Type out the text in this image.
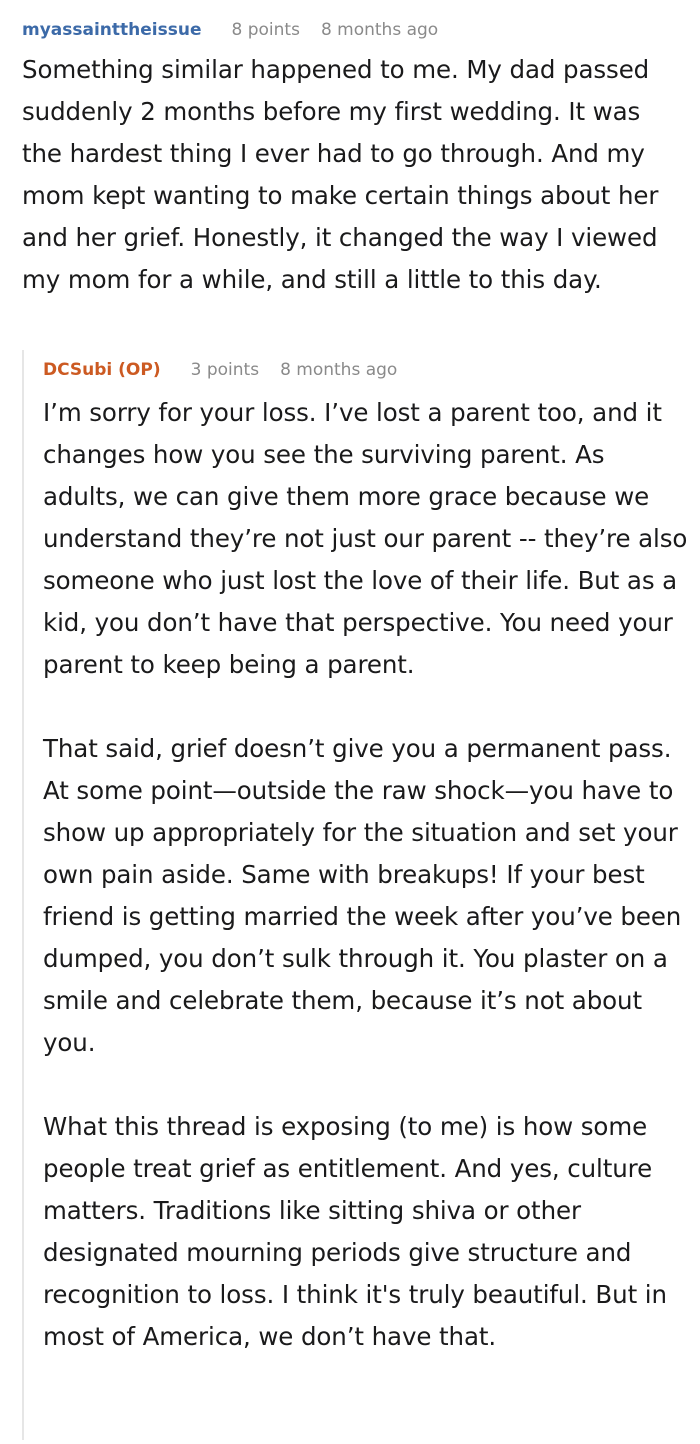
myassainttheissue 8 points 8 months ago

Something similar happened to me. My dad passed suddenly 2 months before my first wedding. It was the hardest thing I ever had to go through. And my mom kept wanting to make certain things about her and her grief. Honestly, it changed the way I viewed my mom for a while, and still a little to this day.

DCSubi (OP) 3 points 8 months ago

I’m sorry for your loss. I’ve lost a parent too, and it changes how you see the surviving parent. As adults, we can give them more grace because we understand they’re not just our parent -- they’re also someone who just lost the love of their life. But as a kid, you don’t have that perspective. You need your parent to keep being a parent.

That said, grief doesn’t give you a permanent pass. At some point—outside the raw shock—you have to show up appropriately for the situation and set your own pain aside. Same with breakups! If your best friend is getting married the week after you’ve been dumped, you don’t sulk through it. You plaster on a smile and celebrate them, because it’s not about you.

What this thread is exposing (to me) is how some people treat grief as entitlement. And yes, culture matters. Traditions like sitting shiva or other designated mourning periods give structure and recognition to loss. I think it's truly beautiful. But in most of America, we don’t have that.
